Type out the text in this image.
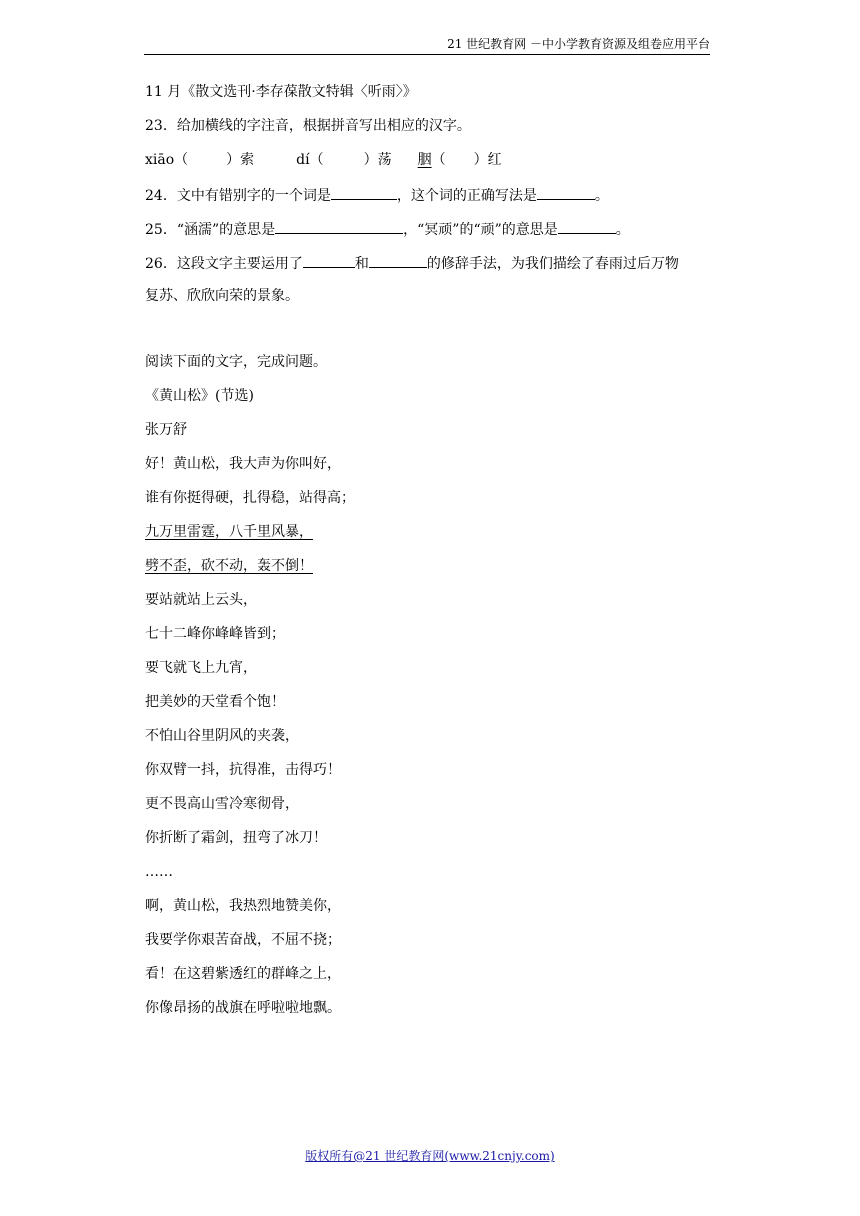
21 世纪教育网 －中小学教育资源及组卷应用平台
11 月《散文选刊·李存葆散文特辑〈听雨〉》
23．给加横线的字注音，根据拼音写出相应的汉字。
xiāo（	）索	dí（	）荡 胭（　　）红
24．文中有错别字的一个词是	，这个词的正确写法是	。
25．“涵濡”的意思是	，“冥顽”的“顽”的意思是	。
26．这段文字主要运用了	和	的修辞手法，为我们描绘了春雨过后万物
复苏、欣欣向荣的景象。
阅读下面的文字，完成问题。
《黄山松》(节选)
张万舒
好！黄山松，我大声为你叫好，
谁有你挺得硬，扎得稳，站得高；
九万里雷霆，八千里风暴，
劈不歪，砍不动，轰不倒！
要站就站上云头，
七十二峰你峰峰皆到；
要飞就飞上九宵，
把美妙的天堂看个饱！
不怕山谷里阴风的夹袭，
你双臂一抖，抗得准，击得巧！
更不畏高山雪冷寒彻骨，
你折断了霜剑，扭弯了冰刀！
……
啊，黄山松，我热烈地赞美你，
我要学你艰苦奋战，不屈不挠；
看！在这碧紫透红的群峰之上，
你像昂扬的战旗在呼啦啦地飘。
版权所有@21 世纪教育网(www.21cnjy.com)
